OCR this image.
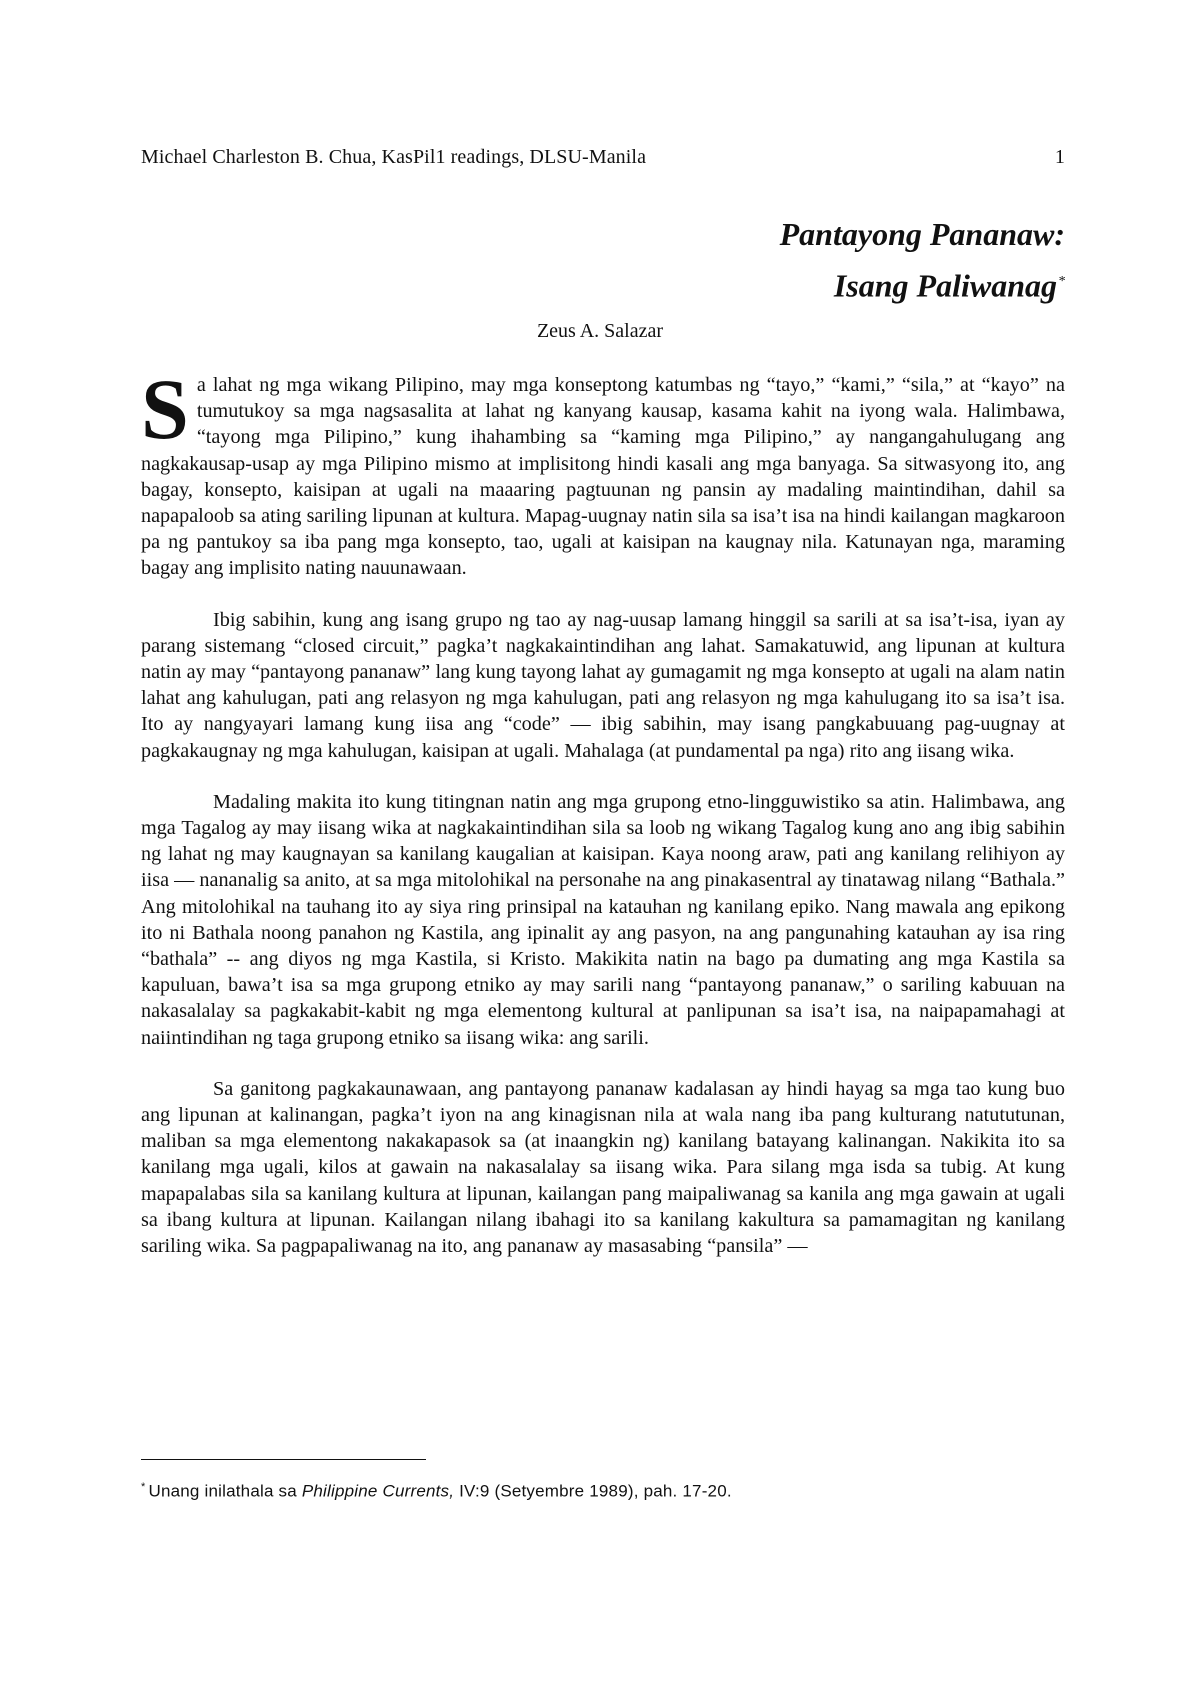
Michael Charleston B. Chua, KasPil1 readings, DLSU-Manila	1
Pantayong Pananaw:
Isang Paliwanag*
Zeus A. Salazar

Sa lahat ng mga wikang Pilipino, may mga konseptong katumbas ng “tayo,” “kami,” “sila,” at “kayo” na tumutukoy sa mga nagsasalita at lahat ng kanyang kausap, kasama kahit na iyong wala. Halimbawa, “tayong mga Pilipino,” kung ihahambing sa “kaming mga Pilipino,” ay nangangahulugang ang nagkakausap-usap ay mga Pilipino mismo at implisitong hindi kasali ang mga banyaga. Sa sitwasyong ito, ang bagay, konsepto, kaisipan at ugali na maaaring pagtuunan ng pansin ay madaling maintindihan, dahil sa napapaloob sa ating sariling lipunan at kultura. Mapag-uugnay natin sila sa isa’t isa na hindi kailangan magkaroon pa ng pantukoy sa iba pang mga konsepto, tao, ugali at kaisipan na kaugnay nila. Katunayan nga, maraming bagay ang implisito nating nauunawaan.

Ibig sabihin, kung ang isang grupo ng tao ay nag-uusap lamang hinggil sa sarili at sa isa’t-isa, iyan ay parang sistemang “closed circuit,” pagka’t nagkakaintindihan ang lahat. Samakatuwid, ang lipunan at kultura natin ay may “pantayong pananaw” lang kung tayong lahat ay gumagamit ng mga konsepto at ugali na alam natin lahat ang kahulugan, pati ang relasyon ng mga kahulugan, pati ang relasyon ng mga kahulugang ito sa isa’t isa. Ito ay nangyayari lamang kung iisa ang “code” — ibig sabihin, may isang pangkabuuang pag-uugnay at pagkakaugnay ng mga kahulugan, kaisipan at ugali. Mahalaga (at pundamental pa nga) rito ang iisang wika.

Madaling makita ito kung titingnan natin ang mga grupong etno-lingguwistiko sa atin. Halimbawa, ang mga Tagalog ay may iisang wika at nagkakaintindihan sila sa loob ng wikang Tagalog kung ano ang ibig sabihin ng lahat ng may kaugnayan sa kanilang kaugalian at kaisipan. Kaya noong araw, pati ang kanilang relihiyon ay iisa — nananalig sa anito, at sa mga mitolohikal na personahe na ang pinakasentral ay tinatawag nilang “Bathala.” Ang mitolohikal na tauhang ito ay siya ring prinsipal na katauhan ng kanilang epiko. Nang mawala ang epikong ito ni Bathala noong panahon ng Kastila, ang ipinalit ay ang pasyon, na ang pangunahing katauhan ay isa ring “bathala” -- ang diyos ng mga Kastila, si Kristo. Makikita natin na bago pa dumating ang mga Kastila sa kapuluan, bawa’t isa sa mga grupong etniko ay may sarili nang “pantayong pananaw,” o sariling kabuuan na nakasalalay sa pagkakabit-kabit ng mga elementong kultural at panlipunan sa isa’t isa, na naipapamahagi at naiintindihan ng taga grupong etniko sa iisang wika: ang sarili.

Sa ganitong pagkakaunawaan, ang pantayong pananaw kadalasan ay hindi hayag sa mga tao kung buo ang lipunan at kalinangan, pagka’t iyon na ang kinagisnan nila at wala nang iba pang kulturang natututunan, maliban sa mga elementong nakakapasok sa (at inaangkin ng) kanilang batayang kalinangan. Nakikita ito sa kanilang mga ugali, kilos at gawain na nakasalalay sa iisang wika. Para silang mga isda sa tubig. At kung mapapalabas sila sa kanilang kultura at lipunan, kailangan pang maipaliwanag sa kanila ang mga gawain at ugali sa ibang kultura at lipunan. Kailangan nilang ibahagi ito sa kanilang kakultura sa pamamagitan ng kanilang sariling wika. Sa pagpapaliwanag na ito, ang pananaw ay masasabing “pansila” —

* Unang inilathala sa Philippine Currents, IV:9 (Setyembre 1989), pah. 17-20.
